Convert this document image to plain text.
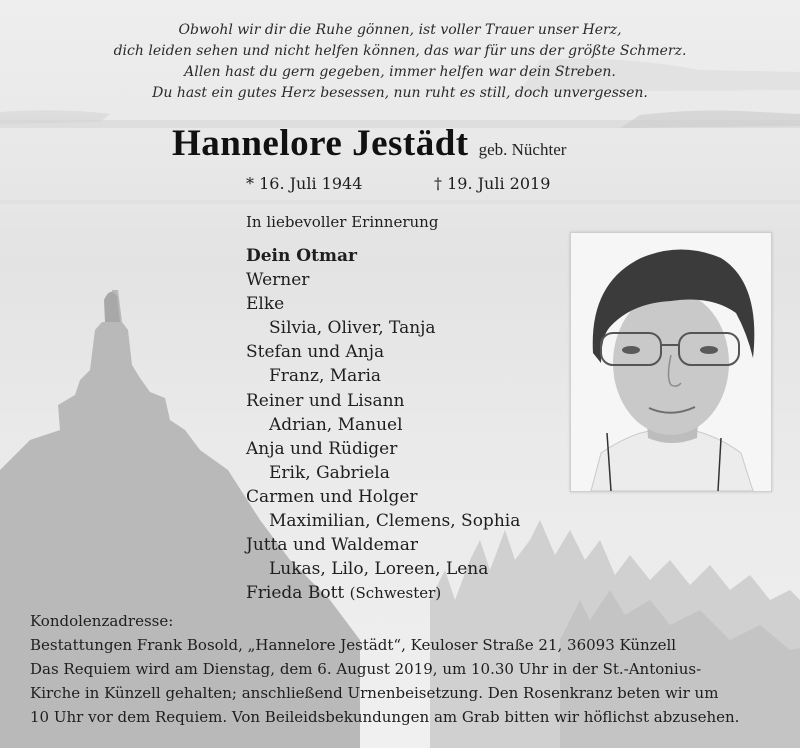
Obwohl wir dir die Ruhe gönnen, ist voller Trauer unser Herz,
dich leiden sehen und nicht helfen können, das war für uns der größte Schmerz.
Allen hast du gern gegeben, immer helfen war dein Streben.
Du hast ein gutes Herz besessen, nun ruht es still, doch unvergessen.
Hannelore Jestädt geb. Nüchter
* 16. Juli 1944	† 19. Juli 2019
In liebevoller Erinnerung
Dein Otmar
Werner
Elke
Silvia, Oliver, Tanja
Stefan und Anja
Franz, Maria
Reiner und Lisann
Adrian, Manuel
Anja und Rüdiger
Erik, Gabriela
Carmen und Holger
Maximilian, Clemens, Sophia
Jutta und Waldemar
Lukas, Lilo, Loreen, Lena
Frieda Bott (Schwester)
Kondolenzadresse:
Bestattungen Frank Bosold, „Hannelore Jestädt“, Keuloser Straße 21, 36093 Künzell
Das Requiem wird am Dienstag, dem 6. August 2019, um 10.30 Uhr in der St.-Antonius-
Kirche in Künzell gehalten; anschließend Urnenbeisetzung. Den Rosenkranz beten wir um
10 Uhr vor dem Requiem. Von Beileidsbekundungen am Grab bitten wir höflichst abzusehen.
